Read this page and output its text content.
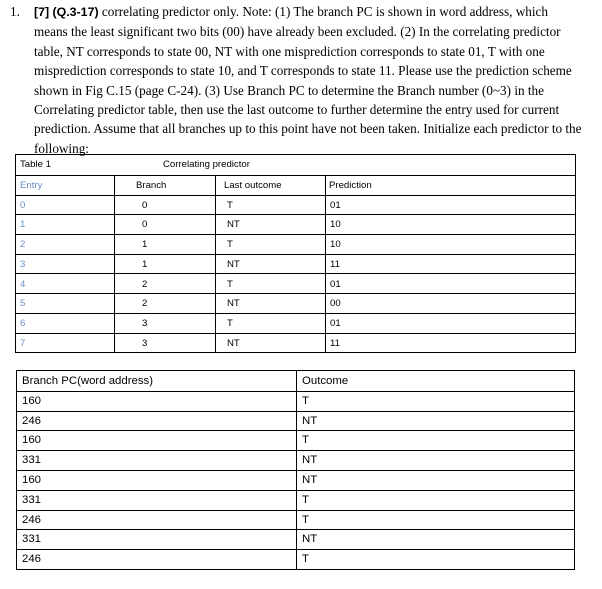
1. [7] (Q.3-17) correlating predictor only. Note: (1) The branch PC is shown in word address, which means the least significant two bits (00) have already been excluded. (2) In the correlating predictor table, NT corresponds to state 00, NT with one misprediction corresponds to state 01, T with one misprediction corresponds to state 10, and T corresponds to state 11. Please use the prediction scheme shown in Fig C.15 (page C-24). (3) Use Branch PC to determine the Branch number (0~3) in the Correlating predictor table, then use the last outcome to further determine the entry used for current prediction. Assume that all branches up to this point have not been taken. Initialize each predictor to the following:
Table 1	Correlating predictor
Entry	Branch	Last outcome	Prediction
0	0	T	01
1	0	NT	10
2	1	T	10
3	1	NT	11
4	2	T	01
5	2	NT	00
6	3	T	01
7	3	NT	11
Branch PC(word address)	Outcome
160	T
246	NT
160	T
331	NT
160	NT
331	T
246	T
331	NT
246	T
